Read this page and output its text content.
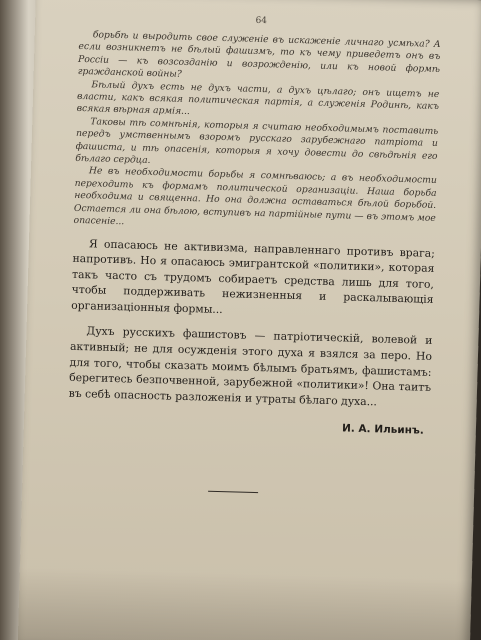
64

борьбѣ и выродить свое служеніе въ искаженіе личнаго усмѣха? А если возникнетъ не бѣлый фашизмъ, то къ чему приведетъ онъ въ Россіи — къ возсозданію и возрожденію, или къ новой формѣ гражданской войны?

Бѣлый духъ есть не духъ части, а духъ цѣлаго; онъ ищетъ не власти, какъ всякая политическая партія, а служенія Родинѣ, какъ всякая вѣрная армія...

Таковы тѣ сомнѣнія, которыя я считаю необходимымъ поставить передъ умственнымъ взоромъ русскаго зарубежнаго патріота и фашиста, и тѣ опасенія, которыя я хочу довести до свѣдѣнія его бѣлаго сердца.

Не въ необходимости борьбы я сомнѣваюсь; а въ необходимости переходить къ формамъ политической организаціи. Наша борьба необходима и священна. Но она должна оставаться бѣлой борьбой. Остается ли она бѣлою, вступивъ на партійные пути — въ этомъ мое опасеніе...

Я опасаюсь не активизма, направленнаго противъ врага; напротивъ. Но я опасаюсь эмигрантской «политики», которая такъ часто съ трудомъ собираетъ средства лишь для того, чтобы поддерживать нежизненныя и раскалывающія организаціонныя формы...

Духъ русскихъ фашистовъ — патріотическій, волевой и активный; не для осужденія этого духа я взялся за перо. Но для того, чтобы сказать моимъ бѣлымъ братьямъ, фашистамъ: берегитесь безпочвенной, зарубежной «политики»! Она таитъ въ себѣ опасность разложенія и утраты бѣлаго духа...

И. А. Ильинъ.
